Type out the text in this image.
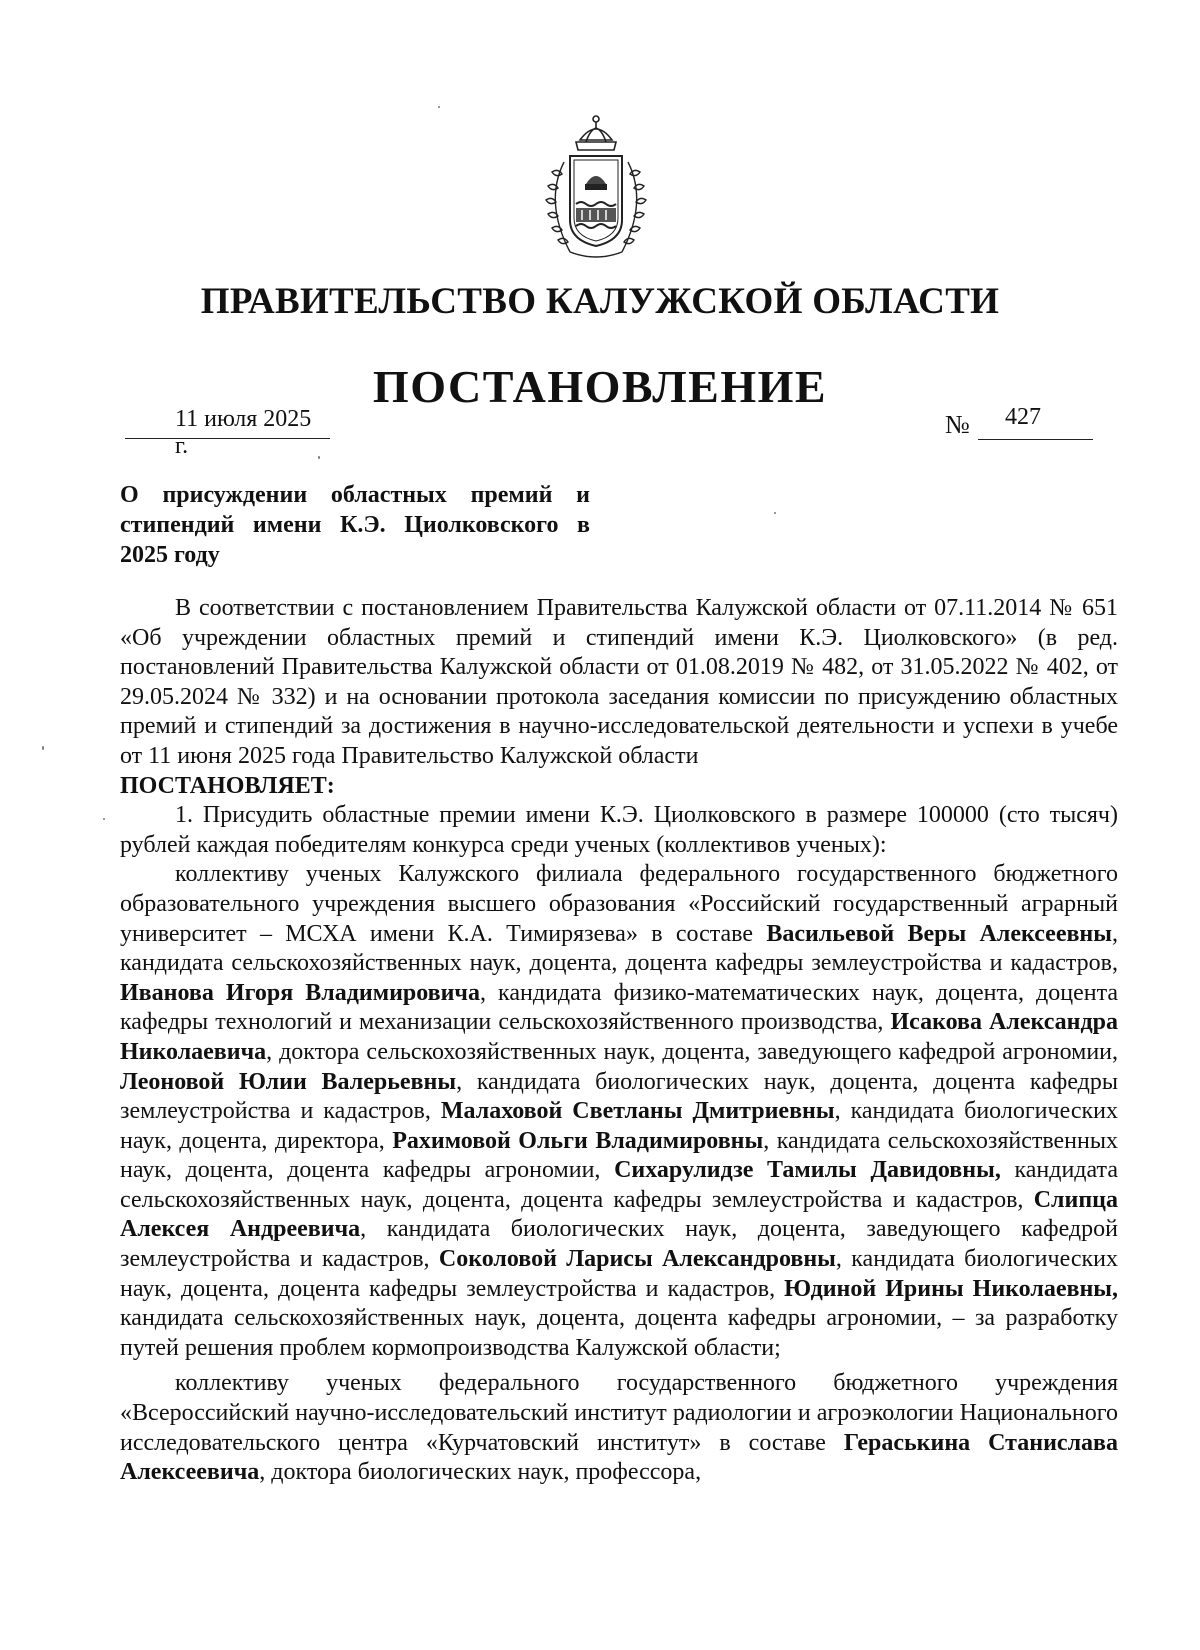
ПРАВИТЕЛЬСТВО КАЛУЖСКОЙ ОБЛАСТИ
ПОСТАНОВЛЕНИЕ
11 июля 2025 г.
№ 427
О присуждении областных премий и стипендий имени К.Э. Циолковского в 2025 году

В соответствии с постановлением Правительства Калужской области от 07.11.2014 № 651 «Об учреждении областных премий и стипендий имени К.Э. Циолковского» (в ред. постановлений Правительства Калужской области от 01.08.2019 № 482, от 31.05.2022 № 402, от 29.05.2024 № 332) и на основании протокола заседания комиссии по присуждению областных премий и стипендий за достижения в научно-исследовательской деятельности и успехи в учебе от 11 июня 2025 года Правительство Калужской области

ПОСТАНОВЛЯЕТ:

1. Присудить областные премии имени К.Э. Циолковского в размере 100000 (сто тысяч) рублей каждая победителям конкурса среди ученых (коллективов ученых):

коллективу ученых Калужского филиала федерального государственного бюджетного образовательного учреждения высшего образования «Российский государственный аграрный университет – МСХА имени К.А. Тимирязева» в составе Васильевой Веры Алексеевны, кандидата сельскохозяйственных наук, доцента, доцента кафедры землеустройства и кадастров, Иванова Игоря Владимировича, кандидата физико-математических наук, доцента, доцента кафедры технологий и механизации сельскохозяйственного производства, Исакова Александра Николаевича, доктора сельскохозяйственных наук, доцента, заведующего кафедрой агрономии, Леоновой Юлии Валерьевны, кандидата биологических наук, доцента, доцента кафедры землеустройства и кадастров, Малаховой Светланы Дмитриевны, кандидата биологических наук, доцента, директора, Рахимовой Ольги Владимировны, кандидата сельскохозяйственных наук, доцента, доцента кафедры агрономии, Сихарулидзе Тамилы Давидовны, кандидата сельскохозяйственных наук, доцента, доцента кафедры землеустройства и кадастров, Слипца Алексея Андреевича, кандидата биологических наук, доцента, заведующего кафедрой землеустройства и кадастров, Соколовой Ларисы Александровны, кандидата биологических наук, доцента, доцента кафедры землеустройства и кадастров, Юдиной Ирины Николаевны, кандидата сельскохозяйственных наук, доцента, доцента кафедры агрономии, – за разработку путей решения проблем кормопроизводства Калужской области;

коллективу ученых федерального государственного бюджетного учреждения «Всероссийский научно-исследовательский институт радиологии и агроэкологии Национального исследовательского центра «Курчатовский институт» в составе Гераськина Станислава Алексеевича, доктора биологических наук, профессора,
